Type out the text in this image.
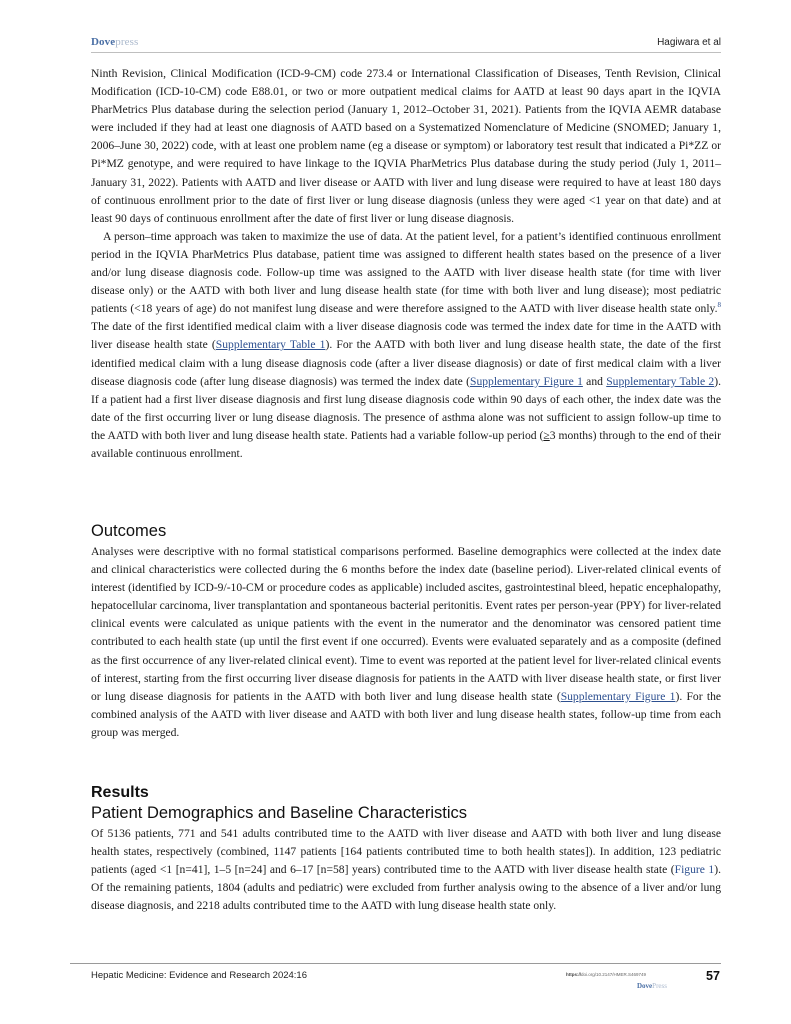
Dovepress	Hagiwara et al

Ninth Revision, Clinical Modification (ICD-9-CM) code 273.4 or International Classification of Diseases, Tenth Revision, Clinical Modification (ICD-10-CM) code E88.01, or two or more outpatient medical claims for AATD at least 90 days apart in the IQVIA PharMetrics Plus database during the selection period (January 1, 2012–October 31, 2021). Patients from the IQVIA AEMR database were included if they had at least one diagnosis of AATD based on a Systematized Nomenclature of Medicine (SNOMED; January 1, 2006–June 30, 2022) code, with at least one problem name (eg a disease or symptom) or laboratory test result that indicated a Pi*ZZ or Pi*MZ genotype, and were required to have linkage to the IQVIA PharMetrics Plus database during the study period (July 1, 2011–January 31, 2022). Patients with AATD and liver disease or AATD with liver and lung disease were required to have at least 180 days of continuous enrollment prior to the date of first liver or lung disease diagnosis (unless they were aged <1 year on that date) and at least 90 days of continuous enrollment after the date of first liver or lung disease diagnosis.

A person–time approach was taken to maximize the use of data. At the patient level, for a patient’s identified continuous enrollment period in the IQVIA PharMetrics Plus database, patient time was assigned to different health states based on the presence of a liver and/or lung disease diagnosis code. Follow-up time was assigned to the AATD with liver disease health state (for time with liver disease only) or the AATD with both liver and lung disease health state (for time with both liver and lung disease); most pediatric patients (<18 years of age) do not manifest lung disease and were therefore assigned to the AATD with liver disease health state only.$^8$ The date of the first identified medical claim with a liver disease diagnosis code was termed the index date for time in the AATD with liver disease health state (Supplementary Table 1). For the AATD with both liver and lung disease health state, the date of the first identified medical claim with a lung disease diagnosis code (after a liver disease diagnosis) or date of first medical claim with a liver disease diagnosis code (after lung disease diagnosis) was termed the index date (Supplementary Figure 1 and Supplementary Table 2). If a patient had a first liver disease diagnosis and first lung disease diagnosis code within 90 days of each other, the index date was the date of the first occurring liver or lung disease diagnosis. The presence of asthma alone was not sufficient to assign follow-up time to the AATD with both liver and lung disease health state. Patients had a variable follow-up period (≥3 months) through to the end of their available continuous enrollment.

Outcomes

Analyses were descriptive with no formal statistical comparisons performed. Baseline demographics were collected at the index date and clinical characteristics were collected during the 6 months before the index date (baseline period). Liver-related clinical events of interest (identified by ICD-9/-10-CM or procedure codes as applicable) included ascites, gastrointestinal bleed, hepatic encephalopathy, hepatocellular carcinoma, liver transplantation and spontaneous bacterial peritonitis. Event rates per person-year (PPY) for liver-related clinical events were calculated as unique patients with the event in the numerator and the denominator was censored patient time contributed to each health state (up until the first event if one occurred). Events were evaluated separately and as a composite (defined as the first occurrence of any liver-related clinical event). Time to event was reported at the patient level for liver-related clinical events of interest, starting from the first occurring liver disease diagnosis for patients in the AATD with liver disease health state, or first liver or lung disease diagnosis for patients in the AATD with both liver and lung disease health state (Supplementary Figure 1). For the combined analysis of the AATD with liver disease and AATD with both liver and lung disease health states, follow-up time from each group was merged.

Results
Patient Demographics and Baseline Characteristics

Of 5136 patients, 771 and 541 adults contributed time to the AATD with liver disease and AATD with both liver and lung disease health states, respectively (combined, 1147 patients [164 patients contributed time to both health states]). In addition, 123 pediatric patients (aged <1 [n=41], 1–5 [n=24] and 6–17 [n=58] years) contributed time to the AATD with liver disease health state (Figure 1). Of the remaining patients, 1804 (adults and pediatric) were excluded from further analysis owing to the absence of a liver and/or lung disease diagnosis, and 2218 adults contributed time to the AATD with lung disease health state only.

Hepatic Medicine: Evidence and Research 2024:16	https://doi.org/10.2147/HMER.S469749
DovePress
57
